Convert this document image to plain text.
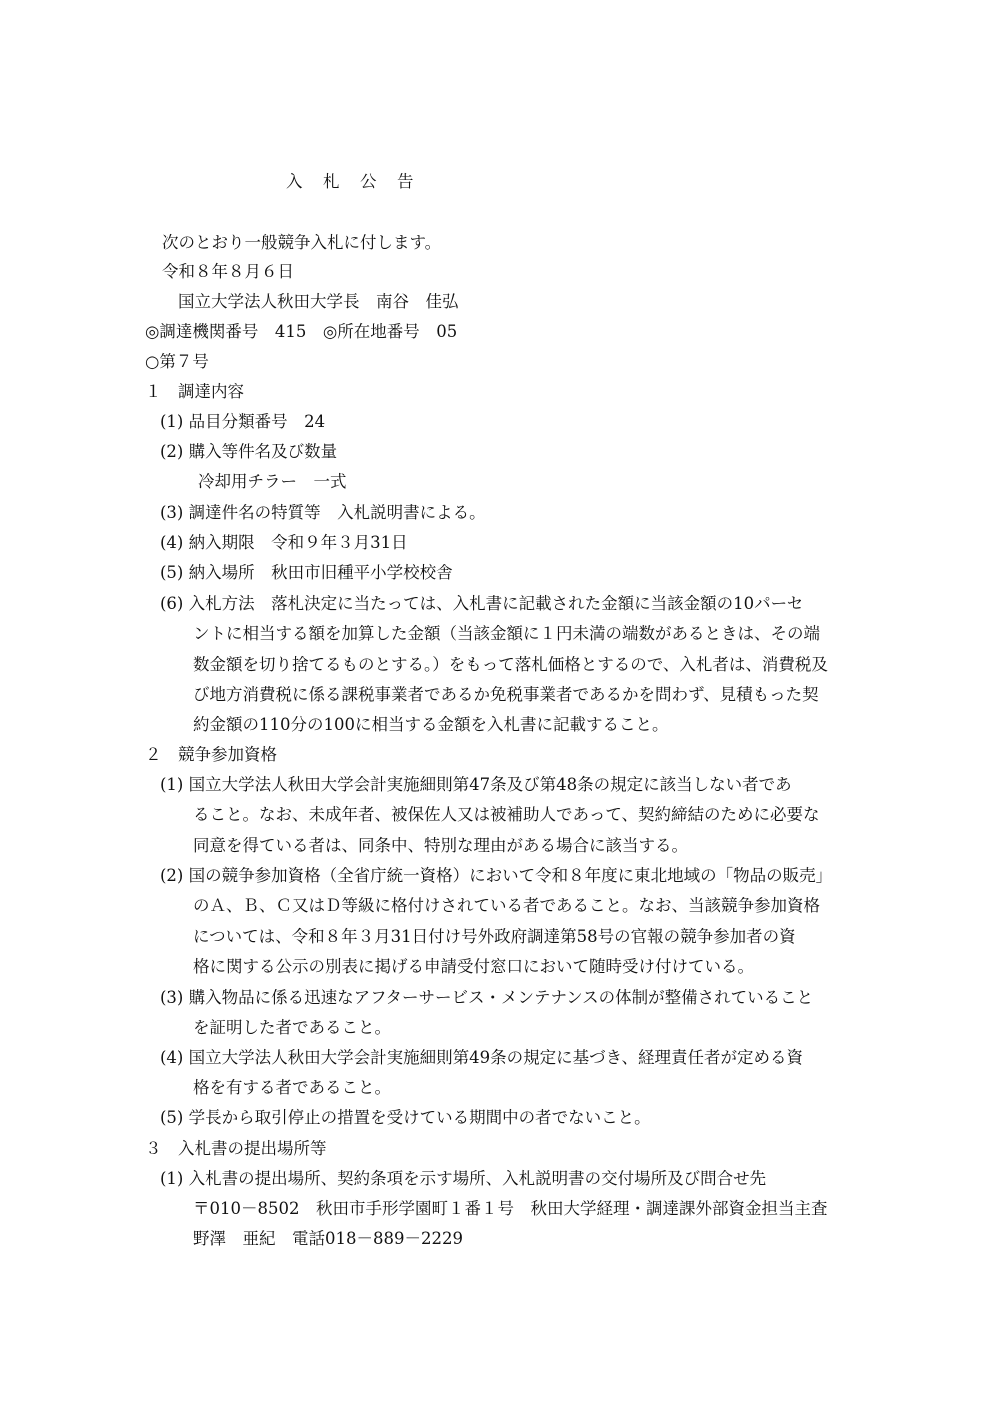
入　札　公　告
次のとおり一般競争入札に付します。
令和８年８月６日
国立大学法人秋田大学長　南谷　佳弘
◎調達機関番号　415　◎所在地番号　05
○第７号
１　調達内容
(1) 品目分類番号　24
(2) 購入等件名及び数量
冷却用チラー　一式
(3) 調達件名の特質等　入札説明書による。
(4) 納入期限　令和９年３月31日
(5) 納入場所　秋田市旧種平小学校校舎
(6) 入札方法　落札決定に当たっては、入札書に記載された金額に当該金額の10パーセ
ントに相当する額を加算した金額（当該金額に１円未満の端数があるときは、その端
数金額を切り捨てるものとする。）をもって落札価格とするので、入札者は、消費税及
び地方消費税に係る課税事業者であるか免税事業者であるかを問わず、見積もった契
約金額の110分の100に相当する金額を入札書に記載すること。
２　競争参加資格
(1) 国立大学法人秋田大学会計実施細則第47条及び第48条の規定に該当しない者であ
ること。なお、未成年者、被保佐人又は被補助人であって、契約締結のために必要な
同意を得ている者は、同条中、特別な理由がある場合に該当する。
(2) 国の競争参加資格（全省庁統一資格）において令和８年度に東北地域の「物品の販売」
のＡ、Ｂ、Ｃ又はＤ等級に格付けされている者であること。なお、当該競争参加資格
については、令和８年３月31日付け号外政府調達第58号の官報の競争参加者の資
格に関する公示の別表に掲げる申請受付窓口において随時受け付けている。
(3) 購入物品に係る迅速なアフターサービス・メンテナンスの体制が整備されていること
を証明した者であること。
(4) 国立大学法人秋田大学会計実施細則第49条の規定に基づき、経理責任者が定める資
格を有する者であること。
(5) 学長から取引停止の措置を受けている期間中の者でないこと。
３　入札書の提出場所等
(1) 入札書の提出場所、契約条項を示す場所、入札説明書の交付場所及び問合せ先
〒010－8502　秋田市手形学園町１番１号　秋田大学経理・調達課外部資金担当主査
野澤　亜紀　電話018－889－2229
